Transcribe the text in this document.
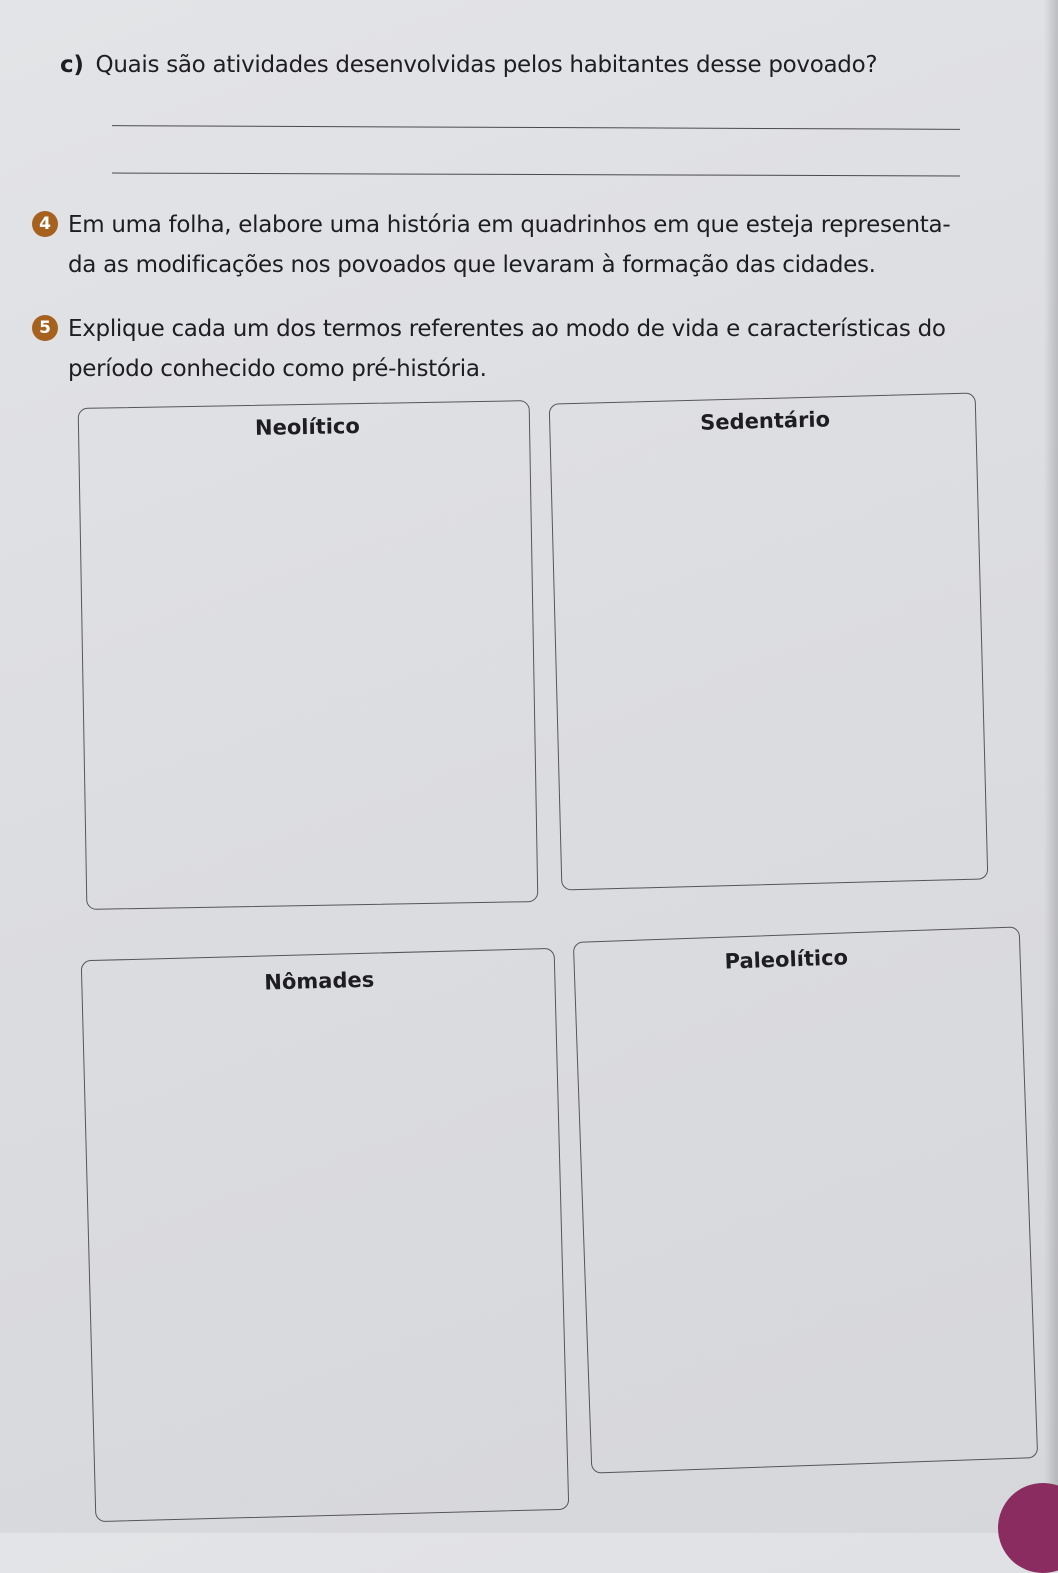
c) Quais são atividades desenvolvidas pelos habitantes desse povoado?
4 Em uma folha, elabore uma história em quadrinhos em que esteja representa-
da as modificações nos povoados que levaram à formação das cidades.
5 Explique cada um dos termos referentes ao modo de vida e características do
período conhecido como pré-história.
Neolítico	Sedentário
Nômades
Paleolítico
